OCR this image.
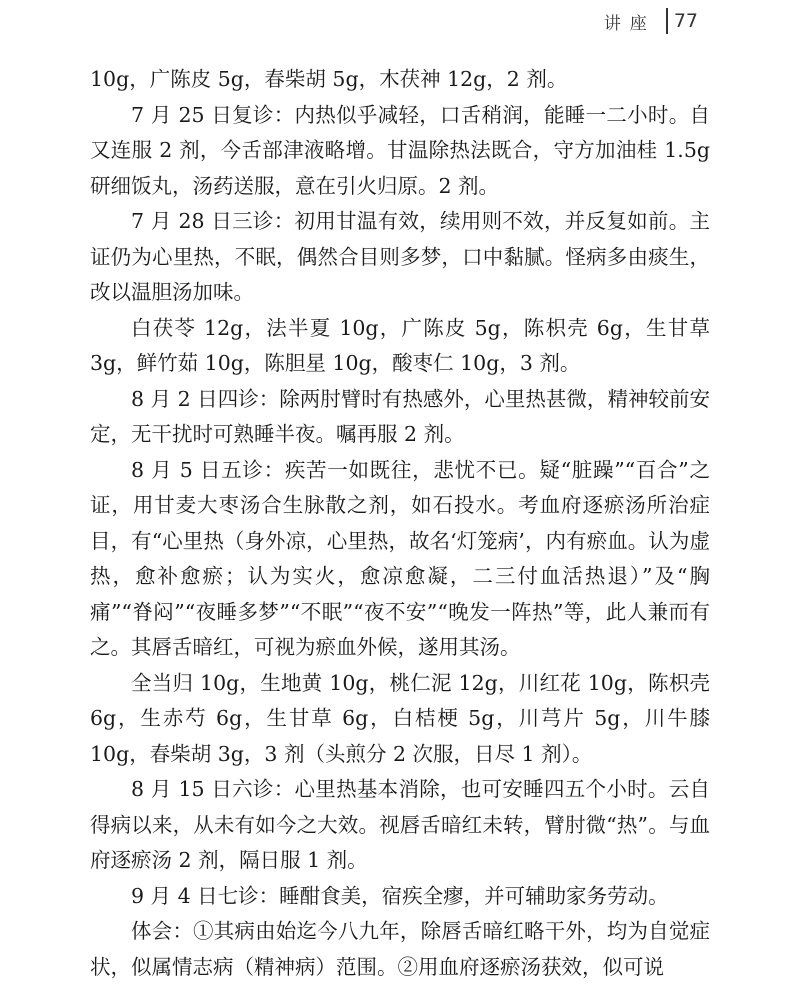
讲座 77

10g，广陈皮 5g，春柴胡 5g，木茯神 12g，2 剂。

7 月 25 日复诊：内热似乎减轻，口舌稍润，能睡一二小时。自又连服 2 剂，今舌部津液略增。甘温除热法既合，守方加油桂 1.5g 研细饭丸，汤药送服，意在引火归原。2 剂。

7 月 28 日三诊：初用甘温有效，续用则不效，并反复如前。主证仍为心里热，不眠，偶然合目则多梦，口中黏腻。怪病多由痰生，改以温胆汤加味。

白茯苓 12g，法半夏 10g，广陈皮 5g，陈枳壳 6g，生甘草 3g，鲜竹茹 10g，陈胆星 10g，酸枣仁 10g，3 剂。

8 月 2 日四诊：除两肘臂时有热感外，心里热甚微，精神较前安定，无干扰时可熟睡半夜。嘱再服 2 剂。

8 月 5 日五诊：疾苦一如既往，悲忧不已。疑“脏躁”“百合”之证，用甘麦大枣汤合生脉散之剂，如石投水。考血府逐瘀汤所治症目，有“心里热（身外凉，心里热，故名‘灯笼病’，内有瘀血。认为虚热，愈补愈瘀；认为实火，愈凉愈凝，二三付血活热退）”及“胸痛”“脊闷”“夜睡多梦”“不眠”“夜不安”“晚发一阵热”等，此人兼而有之。其唇舌暗红，可视为瘀血外候，遂用其汤。

全当归 10g，生地黄 10g，桃仁泥 12g，川红花 10g，陈枳壳 6g，生赤芍 6g，生甘草 6g，白桔梗 5g，川芎片 5g，川牛膝 10g，春柴胡 3g，3 剂（头煎分 2 次服，日尽 1 剂）。

8 月 15 日六诊：心里热基本消除，也可安睡四五个小时。云自得病以来，从未有如今之大效。视唇舌暗红未转，臂肘微“热”。与血府逐瘀汤 2 剂，隔日服 1 剂。

9 月 4 日七诊：睡酣食美，宿疾全瘳，并可辅助家务劳动。

体会：①其病由始迄今八九年，除唇舌暗红略干外，均为自觉症状，似属情志病（精神病）范围。②用血府逐瘀汤获效，似可说
